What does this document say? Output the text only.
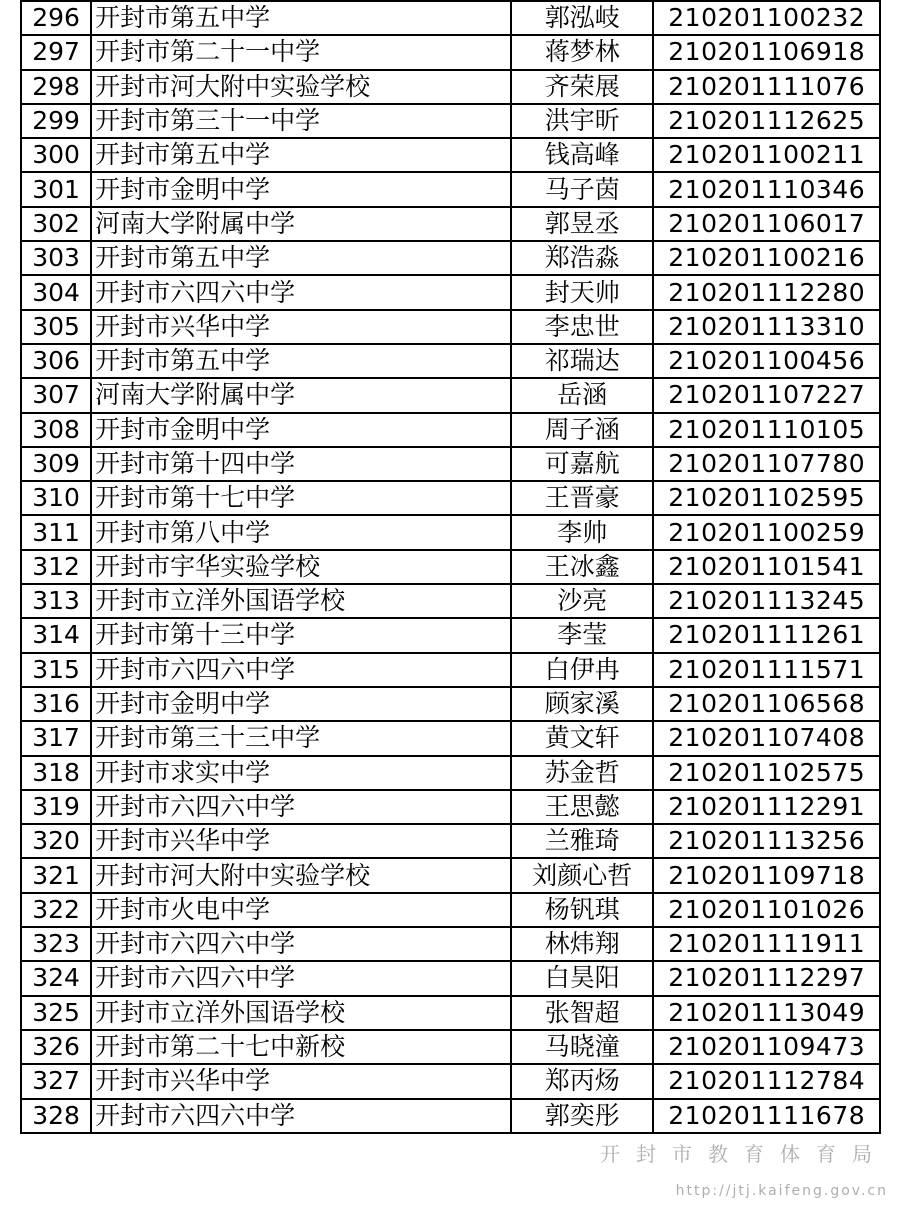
296	开封市第五中学	郭泓岐	210201100232
297	开封市第二十一中学	蒋梦林	210201106918
298	开封市河大附中实验学校	齐荣展	210201111076
299	开封市第三十一中学	洪宇昕	210201112625
300	开封市第五中学	钱高峰	210201100211
301	开封市金明中学	马子茵	210201110346
302	河南大学附属中学	郭昱丞	210201106017
303	开封市第五中学	郑浩淼	210201100216
304	开封市六四六中学	封天帅	210201112280
305	开封市兴华中学	李忠世	210201113310
306	开封市第五中学	祁瑞达	210201100456
307	河南大学附属中学	岳涵	210201107227
308	开封市金明中学	周子涵	210201110105
309	开封市第十四中学	可嘉航	210201107780
310	开封市第十七中学	王晋豪	210201102595
311	开封市第八中学	李帅	210201100259
312	开封市宇华实验学校	王冰鑫	210201101541
313	开封市立洋外国语学校	沙亮	210201113245
314	开封市第十三中学	李莹	210201111261
315	开封市六四六中学	白伊冉	210201111571
316	开封市金明中学	顾家溪	210201106568
317	开封市第三十三中学	黄文轩	210201107408
318	开封市求实中学	苏金哲	210201102575
319	开封市六四六中学	王思懿	210201112291
320	开封市兴华中学	兰雅琦	210201113256
321	开封市河大附中实验学校	刘颜心哲	210201109718
322	开封市火电中学	杨钒琪	210201101026
323	开封市六四六中学	林炜翔	210201111911
324	开封市六四六中学	白昊阳	210201112297
325	开封市立洋外国语学校	张智超	210201113049
326	开封市第二十七中新校	马晓潼	210201109473
327	开封市兴华中学	郑丙炀	210201112784
328	开封市六四六中学	郭奕彤	210201111678
开封市教育体育局
http://jtj.kaifeng.gov.cn
